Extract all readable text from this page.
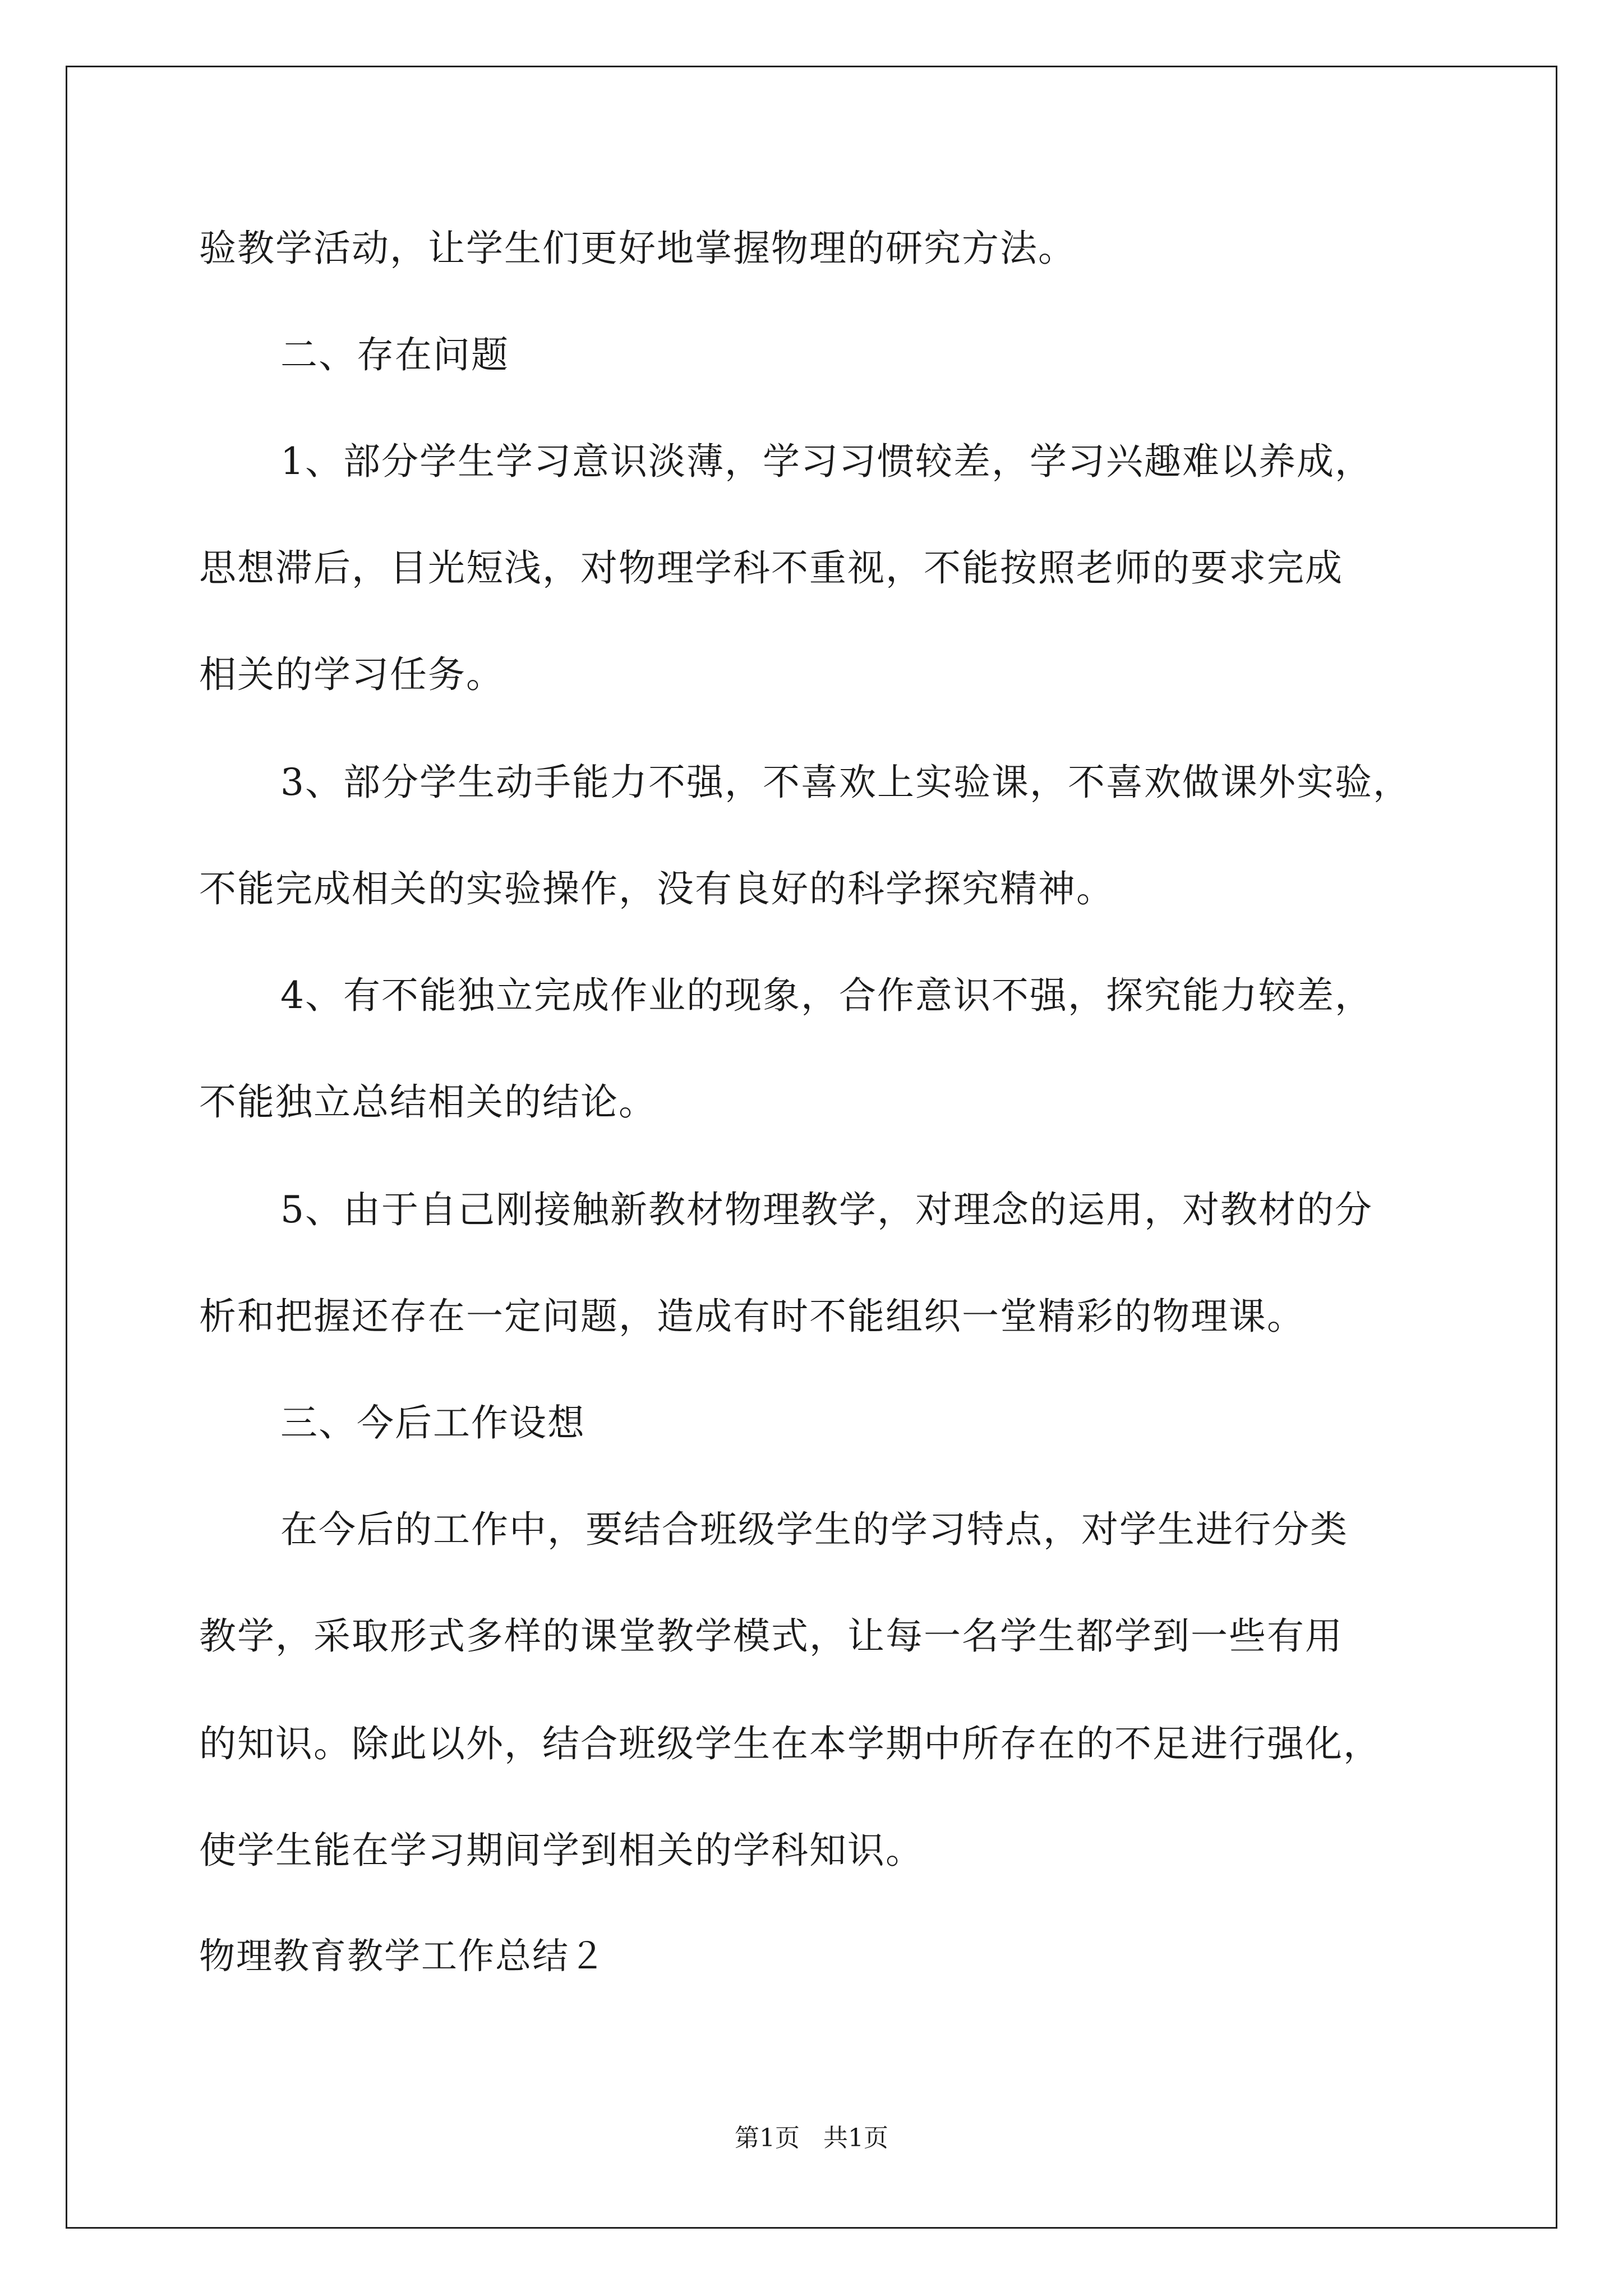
验教学活动，让学生们更好地掌握物理的研究方法。
二、存在问题
1、部分学生学习意识淡薄，学习习惯较差，学习兴趣难以养成，
思想滞后，目光短浅，对物理学科不重视，不能按照老师的要求完成
相关的学习任务。
3、部分学生动手能力不强，不喜欢上实验课，不喜欢做课外实验，
不能完成相关的实验操作，没有良好的科学探究精神。
4、有不能独立完成作业的现象，合作意识不强，探究能力较差，
不能独立总结相关的结论。
5、由于自己刚接触新教材物理教学，对理念的运用，对教材的分
析和把握还存在一定问题，造成有时不能组织一堂精彩的物理课。
三、今后工作设想
在今后的工作中，要结合班级学生的学习特点，对学生进行分类
教学，采取形式多样的课堂教学模式，让每一名学生都学到一些有用
的知识。除此以外，结合班级学生在本学期中所存在的不足进行强化，
使学生能在学习期间学到相关的学科知识。
物理教育教学工作总结２
第1页   共1页
